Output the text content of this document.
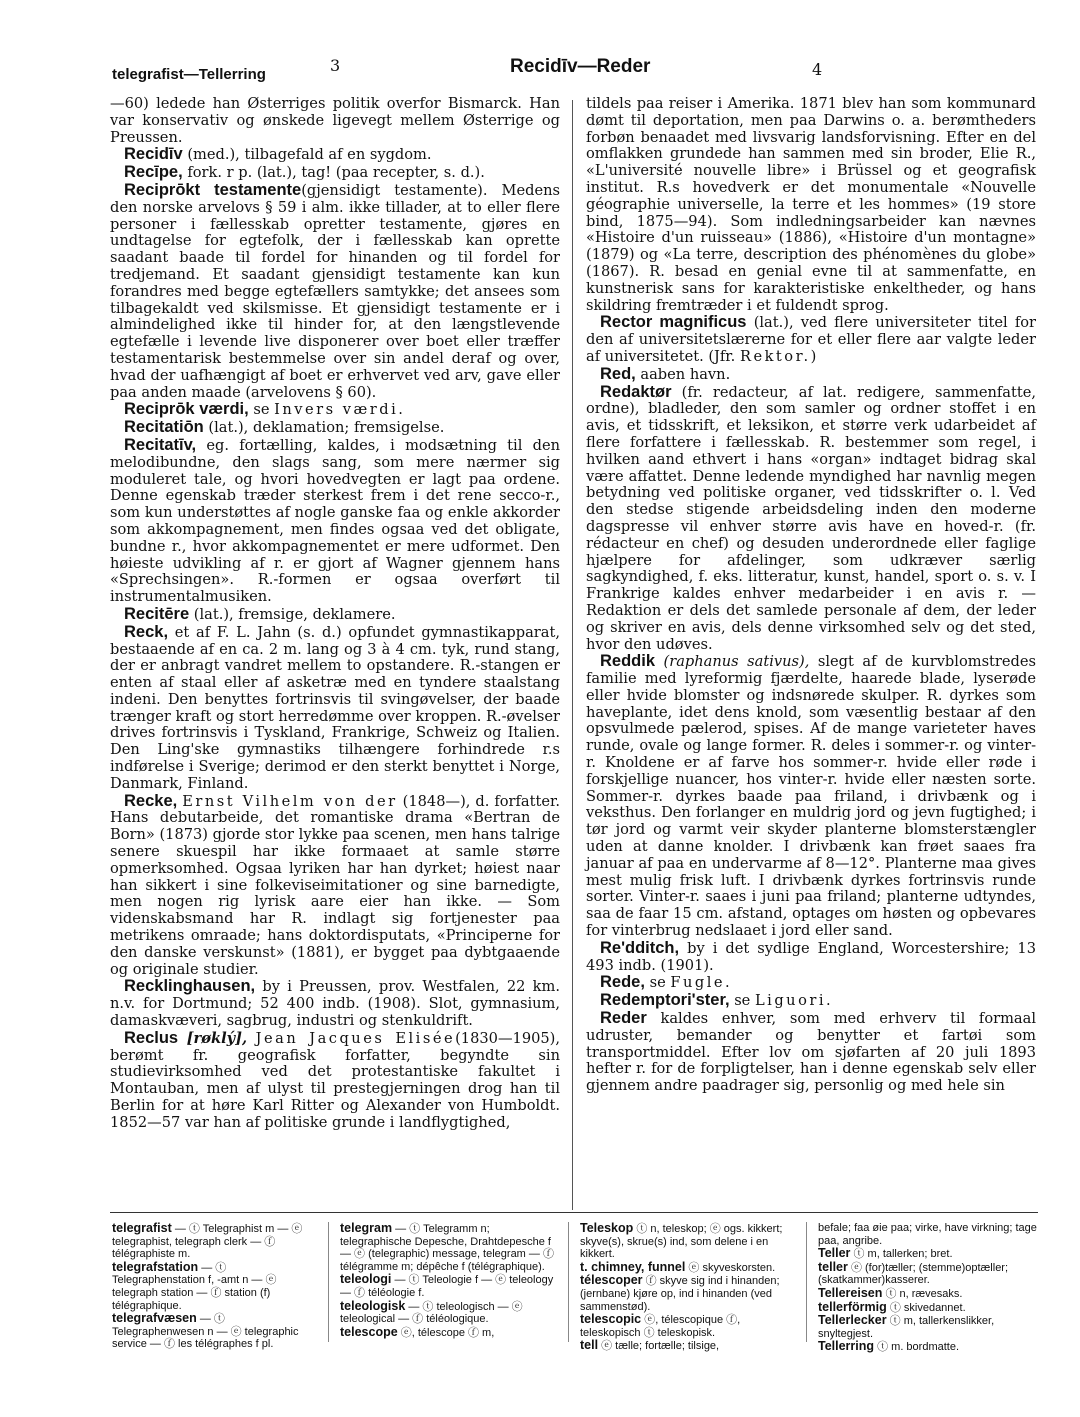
telegrafist—Tellerring	3	Recidīv—Reder	4

—60) ledede han Østerriges politik overfor Bismarck. Han var konservativ og ønskede ligevegt mellem Østerrige og Preussen.

Recidīv (med.), tilbagefald af en sygdom.

Recīpe, fork. r p. (lat.), tag! (paa recepter, s. d.).

Reciprōkt testamente(gjensidigt testamente). Medens den norske arvelovs § 59 i alm. ikke tillader, at to eller flere personer i fællesskab opretter testamente, gjøres en undtagelse for egtefolk, der i fællesskab kan oprette saadant baade til fordel for hinanden og til fordel for tredjemand. Et saadant gjensidigt testamente kan kun forandres med begge egtefællers samtykke; det ansees som tilbagekaldt ved skilsmisse. Et gjensidigt testamente er i almindelighed ikke til hinder for, at den længstlevende egtefælle i levende live disponerer over boet eller træffer testamentarisk bestemmelse over sin andel deraf og over, hvad der uafhængigt af boet er erhvervet ved arv, gave eller paa anden maade (arvelovens § 60).

Reciprōk værdi, se Invers værdi.

Recitatiōn (lat.), deklamation; fremsigelse.

Recitatīv, eg. fortælling, kaldes, i modsætning til den melodibundne, den slags sang, som mere nærmer sig moduleret tale, og hvori hovedvegten er lagt paa ordene. Denne egenskab træder sterkest frem i det rene secco-r., som kun understøttes af nogle ganske faa og enkle akkorder som akkompagnement, men findes ogsaa ved det obligate, bundne r., hvor akkompagnementet er mere udformet. Den høieste udvikling af r. er gjort af Wagner gjennem hans «Sprechsingen». R.-formen er ogsaa overført til instrumentalmusiken.

Recitēre (lat.), fremsige, deklamere.

Reck, et af F. L. Jahn (s. d.) opfundet gymnastikapparat, bestaaende af en ca. 2 m. lang og 3 à 4 cm. tyk, rund stang, der er anbragt vandret mellem to opstandere. R.-stangen er enten af staal eller af asketræ med en tyndere staalstang indeni. Den benyttes fortrinsvis til svingøvelser, der baade trænger kraft og stort herredømme over kroppen. R.-øvelser drives fortrinsvis i Tyskland, Frankrige, Schweiz og Italien. Den Ling'ske gymnastiks tilhængere forhindrede r.s indførelse i Sverige; derimod er den sterkt benyttet i Norge, Danmark, Finland.

Recke, Ernst Vilhelm von der (1848—), d. forfatter. Hans debutarbeide, det romantiske drama «Bertran de Born» (1873) gjorde stor lykke paa scenen, men hans talrige senere skuespil har ikke formaaet at samle større opmerksomhed. Ogsaa lyriken har han dyrket; høiest naar han sikkert i sine folkeviseimitationer og sine barnedigte, men nogen rig lyrisk aare eier han ikke. — Som videnskabsmand har R. indlagt sig fortjenester paa metrikens omraade; hans doktordisputats, «Principerne for den danske verskunst» (1881), er bygget paa dybtgaaende og originale studier.

Recklinghausen, by i Preussen, prov. Westfalen, 22 km. n.v. for Dortmund; 52 400 indb. (1908). Slot, gymnasium, damaskvæveri, sagbrug, industri og stenkuldrift.

Reclus [røklý], Jean Jacques Elisée(1830—1905), berømt fr. geografisk forfatter, begyndte sin studievirksomhed ved det protestantiske fakultet i Montauban, men af ulyst til prestegjerningen drog han til Berlin for at høre Karl Ritter og Alexander von Humboldt. 1852—57 var han af politiske grunde i landflygtighed,

tildels paa reiser i Amerika. 1871 blev han som kommunard dømt til deportation, men paa Darwins o. a. berømtheders forbøn benaadet med livsvarig landsforvisning. Efter en del omflakken grundede han sammen med sin broder, Elie R., «L'université nouvelle libre» i Brüssel og et geografisk institut. R.s hovedverk er det monumentale «Nouvelle géographie universelle, la terre et les hommes» (19 store bind, 1875—94). Som indledningsarbeider kan nævnes «Histoire d'un ruisseau» (1886), «Histoire d'un montagne» (1879) og «La terre, description des phénomènes du globe» (1867). R. besad en genial evne til at sammenfatte, en kunstnerisk sans for karakteristiske enkeltheder, og hans skildring fremtræder i et fuldendt sprog.

Rector magnificus (lat.), ved flere universiteter titel for den af universitetslærerne for et eller flere aar valgte leder af universitetet. (Jfr. Rektor.)

Red, aaben havn.

Redaktør (fr. redacteur, af lat. redigere, sammenfatte, ordne), bladleder, den som samler og ordner stoffet i en avis, et tidsskrift, et leksikon, et større verk udarbeidet af flere forfattere i fællesskab. R. bestemmer som regel, i hvilken aand ethvert i hans «organ» indtaget bidrag skal være affattet. Denne ledende myndighed har navnlig megen betydning ved politiske organer, ved tidsskrifter o. l. Ved den stedse stigende arbeidsdeling inden den moderne dagspresse vil enhver større avis have en hoved-r. (fr. rédacteur en chef) og desuden underordnede eller faglige hjælpere for afdelinger, som udkræver særlig sagkyndighed, f. eks. litteratur, kunst, handel, sport o. s. v. I Frankrige kaldes enhver medarbeider i en avis r. — Redaktion er dels det samlede personale af dem, der leder og skriver en avis, dels denne virksomhed selv og det sted, hvor den udøves.

Reddik (raphanus sativus), slegt af de kurvblomstredes familie med lyreformig fjærdelte, haarede blade, lyserøde eller hvide blomster og indsnørede skulper. R. dyrkes som haveplante, idet dens knold, som væsentlig bestaar af den opsvulmede pælerod, spises. Af de mange varieteter haves runde, ovale og lange former. R. deles i sommer-r. og vinter-r. Knoldene er af farve hos sommer-r. hvide eller røde i forskjellige nuancer, hos vinter-r. hvide eller næsten sorte. Sommer-r. dyrkes baade paa friland, i drivbænk og i veksthus. Den forlanger en muldrig jord og jevn fugtighed; i tør jord og varmt veir skyder planterne blomsterstængler uden at danne knolder. I drivbænk kan frøet saaes fra januar af paa en undervarme af 8—12°. Planterne maa gives mest mulig frisk luft. I drivbænk dyrkes fortrinsvis runde sorter. Vinter-r. saaes i juni paa friland; planterne udtyndes, saa de faar 15 cm. afstand, optages om høsten og opbevares for vinterbrug nedslaaet i jord eller sand.

Re'dditch, by i det sydlige England, Worcestershire; 13 493 indb. (1901).

Rede, se Fugle.

Redemptori'ster, se Liguori.

Reder kaldes enhver, som med erhverv til formaal udruster, bemander og benytter et fartøi som transportmiddel. Efter lov om sjøfarten af 20 juli 1893 hefter r. for de forpligtelser, han i denne egenskab selv eller gjennem andre paadrager sig, personlig og med hele sin

telegrafist — ⓣ Telegraphist m — ⓔ telegraphist, telegraph clerk — ⓕ télégraphiste m.

telegrafstation — ⓣ Telegraphenstation f, -amt n — ⓔ telegraph station — ⓕ station (f) télégraphique.

telegrafvæsen — ⓣ Telegraphenwesen n — ⓔ telegraphic service — ⓕ les télégraphes f pl.

telegram — ⓣ Telegramm n; telegraphische Depesche, Drahtdepesche f — ⓔ (telegraphic) message, telegram — ⓕ télégramme m; dépêche f (télégraphique).

teleologi — ⓣ Teleologie f — ⓔ teleology — ⓕ téléologie f.

teleologisk — ⓣ teleologisch — ⓔ teleological — ⓕ téléologique.

telescope ⓔ, télescope ⓕ m,

Teleskop ⓣ n, teleskop; ⓔ ogs. kikkert; skyve(s), skrue(s) ind, som delene i en kikkert.

t. chimney, funnel ⓔ skyveskorsten.

télescoper ⓕ skyve sig ind i hinanden; (jernbane) kjøre op, ind i hinanden (ved sammenstød).

telescopic ⓔ, télescopique ⓕ, teleskopisch ⓣ teleskopisk.

tell ⓔ tælle; fortælle; tilsige,

befale; faa øie paa; virke, have virkning; tage paa, angribe.

Teller ⓣ m, tallerken; bret.

teller ⓔ (for)tæller; (stemme)optæller; (skatkammer)kasserer.

Tellereisen ⓣ n, rævesaks.

tellerförmig ⓣ skivedannet.

Tellerlecker ⓣ m, tallerkenslikker, snyltegjest.

Tellerring ⓣ m. bordmatte.
